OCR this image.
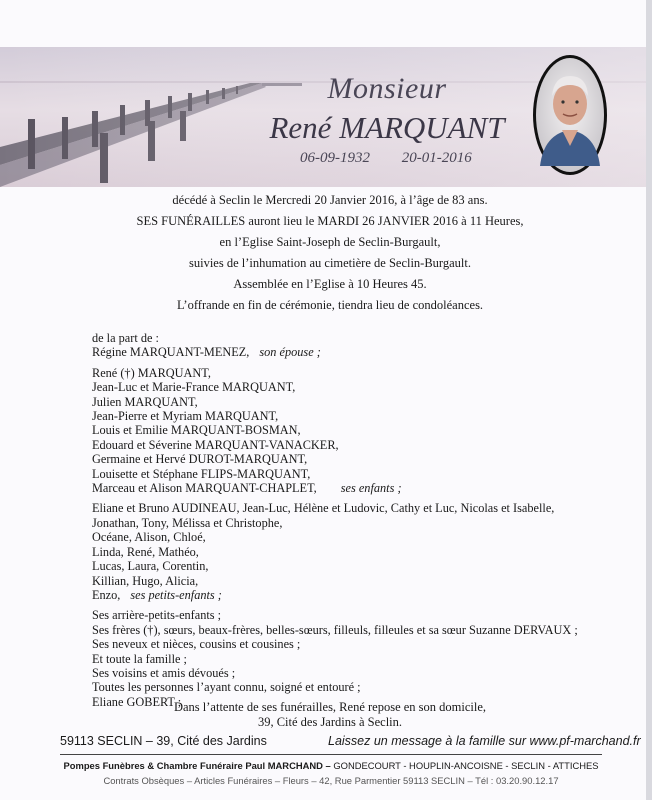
Monsieur
René MARQUANT
06-09-1932 20-01-2016
décédé à Seclin le Mercredi 20 Janvier 2016, à l’âge de 83 ans.
SES FUNÉRAILLES auront lieu le MARDI 26 JANVIER 2016 à 11 Heures,
en l’Eglise Saint-Joseph de Seclin-Burgault,
suivies de l’inhumation au cimetière de Seclin-Burgault.
Assemblée en l’Eglise à 10 Heures 45.
L’offrande en fin de cérémonie, tiendra lieu de condoléances.
de la part de :
Régine MARQUANT-MENEZ, son épouse ;
René (†) MARQUANT,
Jean-Luc et Marie-France MARQUANT,
Julien MARQUANT,
Jean-Pierre et Myriam MARQUANT,
Louis et Emilie MARQUANT-BOSMAN,
Edouard et Séverine MARQUANT-VANACKER,
Germaine et Hervé DUROT-MARQUANT,
Louisette et Stéphane FLIPS-MARQUANT,
Marceau et Alison MARQUANT-CHAPLET, ses enfants ;
Eliane et Bruno AUDINEAU, Jean-Luc, Hélène et Ludovic, Cathy et Luc, Nicolas et Isabelle,
Jonathan, Tony, Mélissa et Christophe,
Océane, Alison, Chloé,
Linda, René, Mathéo,
Lucas, Laura, Corentin,
Killian, Hugo, Alicia,
Enzo, ses petits-enfants ;
Ses arrière-petits-enfants ;
Ses frères (†), sœurs, beaux-frères, belles-sœurs, filleuls, filleules et sa sœur Suzanne DERVAUX ;
Ses neveux et nièces, cousins et cousines ;
Et toute la famille ;
Ses voisins et amis dévoués ;
Toutes les personnes l’ayant connu, soigné et entouré ;
Eliane GOBERT ;
Dans l’attente de ses funérailles, René repose en son domicile,
39, Cité des Jardins à Seclin.
59113 SECLIN – 39, Cité des Jardins	Laissez un message à la famille sur www.pf-marchand.fr
Pompes Funèbres & Chambre Funéraire Paul MARCHAND – GONDECOURT - HOUPLIN-ANCOISNE - SECLIN - ATTICHES
Contrats Obsèques – Articles Funéraires – Fleurs – 42, Rue Parmentier 59113 SECLIN – Tél : 03.20.90.12.17
